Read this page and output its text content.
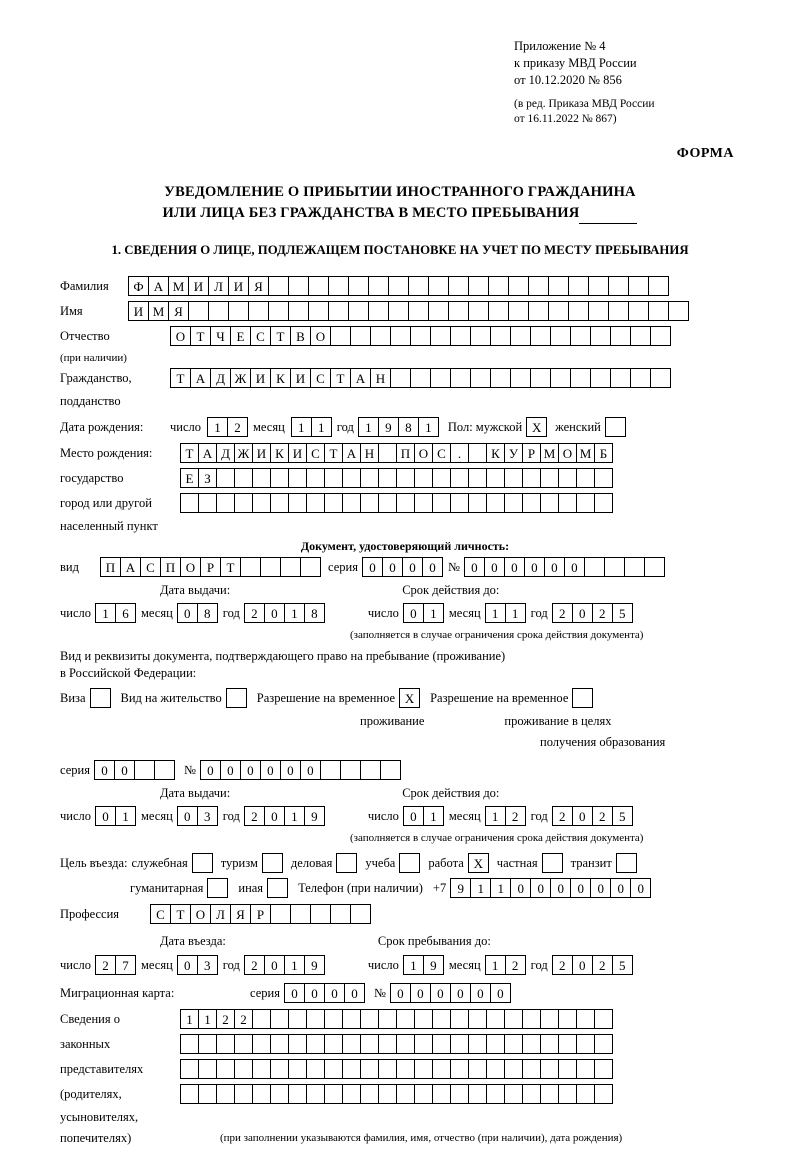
Приложение № 4
к приказу МВД России
от 10.12.2020 № 856
(в ред. Приказа МВД России
от 16.11.2022 № 867)
ФОРМА
УВЕДОМЛЕНИЕ О ПРИБЫТИИ ИНОСТРАННОГО ГРАЖДАНИНА
ИЛИ ЛИЦА БЕЗ ГРАЖДАНСТВА В МЕСТО ПРЕБЫВАНИЯ
1. СВЕДЕНИЯ О ЛИЦЕ, ПОДЛЕЖАЩЕМ ПОСТАНОВКЕ НА УЧЕТ ПО МЕСТУ ПРЕБЫВАНИЯ
Фамилия	Ф А М И Л И Я
Имя	И М Я
Отчество	О Т Ч Е С Т В О
(при наличии)
Гражданство,	Т А Д Ж И К И С Т А Н
подданство
Дата рождения:	число	1	2 месяц	1	1 год 1	9	8	1	Пол: мужской X	женский
Место рождения:	Т А Д Ж И К И С Т А Н	П О С .	К У Р М О М Б
государство	Е З
город или другой
населенный пункт
Документ, удостоверяющий личность:
вид	П А С П О Р Т	серия 0	0	0	0 № 0	0	0	0	0	0
Дата выдачи:	Срок действия до:
число 1	6 месяц 0	8 год 2	0	1	8	число 0	1 месяц 1	1 год 2	0	2	5
(заполняется в случае ограничения срока действия документа)
Вид и реквизиты документа, подтверждающего право на пребывание (проживание)
в Российской Федерации:
Виза	Вид на жительство	Разрешение на временное X	Разрешение на временное
проживание	проживание в целях
получения образования
серия 0	0	№ 0	0	0	0	0	0
Дата выдачи:	Срок действия до:
число 0	1 месяц 0	3 год 2	0	1	9	число 0	1 месяц 1	2 год 2	0	2	5
(заполняется в случае ограничения срока действия документа)
Цель въезда: служебная	туризм	деловая	учеба	работа X	частная	транзит
гуманитарная	иная	Телефон (при наличии) +7 9	1	1	0	0	0	0	0	0	0
Профессия	С Т О Л Я Р
Дата въезда:	Срок пребывания до:
число 2	7 месяц 0	3 год 2	0	1	9	число 1	9 месяц 1	2 год 2	0	2	5
Миграционная карта:	серия 0	0	0	0	№ 0	0	0	0	0	0
Сведения о	1 1 2 2
законных
представителях
(родителях,
усыновителях,
попечителях)	(при заполнении указываются фамилия, имя, отчество (при наличии), дата рождения)
